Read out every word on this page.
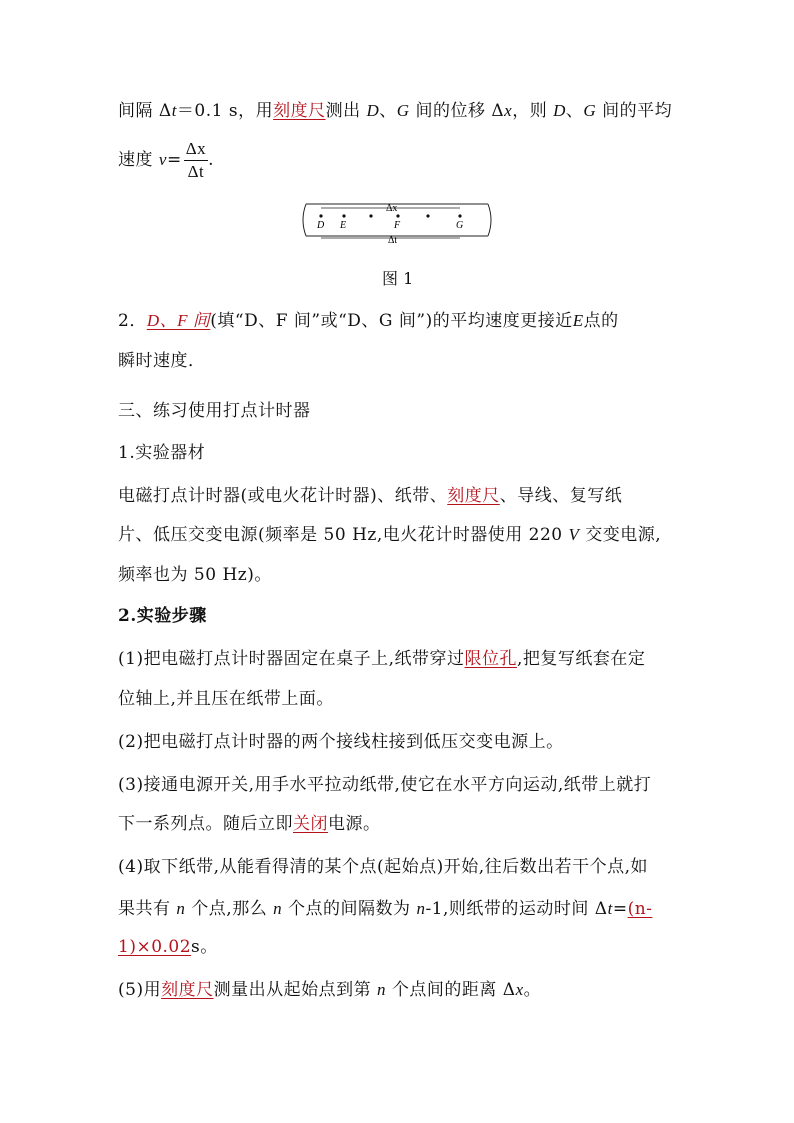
间隔 Δt＝0.1 s，用刻度尺测出 D、G 间的位移 Δx，则 D、G 间的平均
速度 $v= \frac{\Delta x}{\Delta t}$ .
Δx
Δt
D E	F	G
图 1
2．D、F 间(填“D、F 间”或“D、G 间”)的平均速度更接近E点的
瞬时速度．
三、练习使用打点计时器
1.实验器材
电磁打点计时器(或电火花计时器)、纸带、刻度尺、导线、复写纸
片、低压交变电源(频率是 50 Hz,电火花计时器使用 220 V 交变电源,
频率也为 50 Hz)。
2.实验步骤
(1)把电磁打点计时器固定在桌子上,纸带穿过限位孔,把复写纸套在定
位轴上,并且压在纸带上面。
(2)把电磁打点计时器的两个接线柱接到低压交变电源上。
(3)接通电源开关,用手水平拉动纸带,使它在水平方向运动,纸带上就打
下一系列点。随后立即关闭电源。
(4)取下纸带,从能看得清的某个点(起始点)开始,往后数出若干个点,如
果共有 n 个点,那么 n 个点的间隔数为 n-1,则纸带的运动时间 Δt=(n-
1)×0.02s。
(5)用刻度尺测量出从起始点到第 n 个点间的距离 Δx。
